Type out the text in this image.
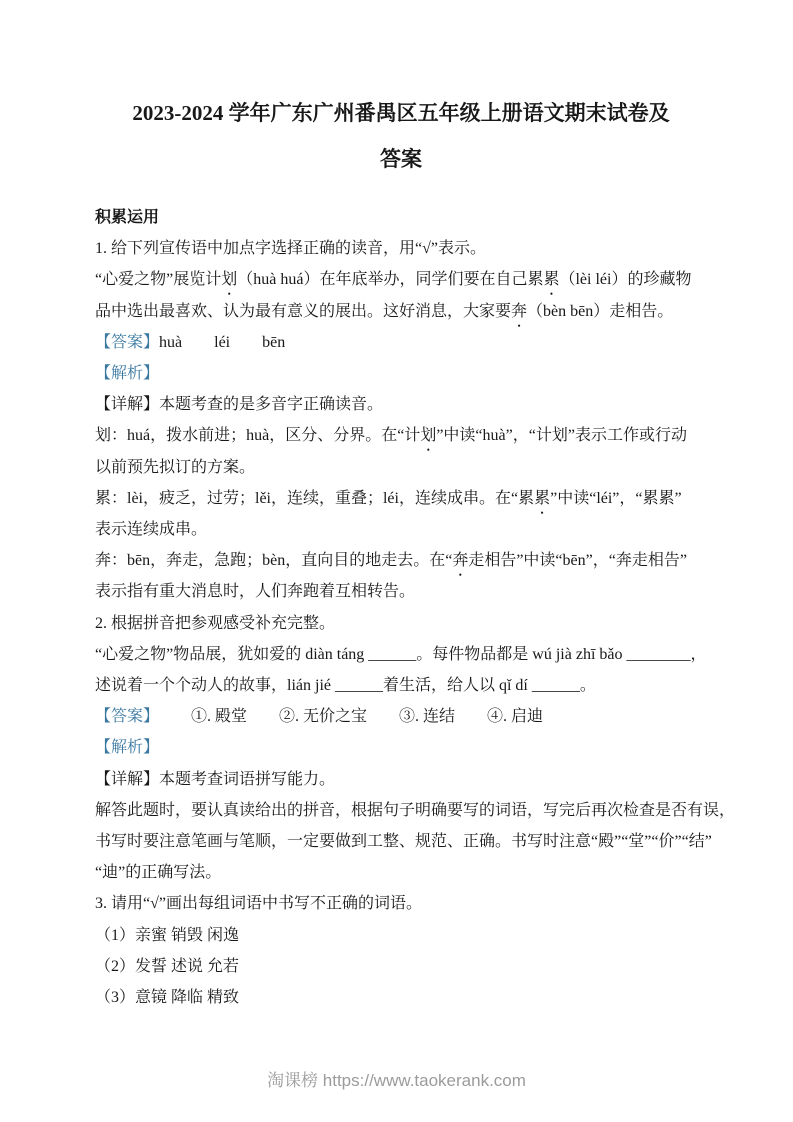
2023-2024 学年广东广州番禺区五年级上册语文期末试卷及
答案
积累运用
1. 给下列宣传语中加点字选择正确的读音，用“√”表示。
“心爱之物”展览计划（huà huá）在年底举办，同学们要在自己累累（lèi léi）的珍藏物
品中选出最喜欢、认为最有意义的展出。这好消息，大家要奔（bèn bēn）走相告。
【答案】huà　　léi　　bēn
【解析】
【详解】本题考查的是多音字正确读音。
划：huá，拨水前进；huà，区分、分界。在“计划”中读“huà”，“计划”表示工作或行动
以前预先拟订的方案。
累：lèi，疲乏，过劳；lěi，连续，重叠；léi，连续成串。在“累累”中读“léi”，“累累”
表示连续成串。
奔：bēn，奔走，急跑；bèn，直向目的地走去。在“奔走相告”中读“bēn”，“奔走相告”
表示指有重大消息时，人们奔跑着互相转告。
2. 根据拼音把参观感受补充完整。
“心爱之物”物品展，犹如爱的 diàn táng ______。每件物品都是 wú jià zhī bǎo ________，
述说着一个个动人的故事，lián jié ______着生活，给人以 qǐ dí ______。
【答案】 ①. 殿堂　　②. 无价之宝　　③. 连结　　④. 启迪
【解析】
【详解】本题考查词语拼写能力。
解答此题时，要认真读给出的拼音，根据句子明确要写的词语，写完后再次检查是否有误，
书写时要注意笔画与笔顺，一定要做到工整、规范、正确。书写时注意“殿”“堂”“价”“结”
“迪”的正确写法。
3. 请用“√”画出每组词语中书写不正确的词语。
（1）亲蜜 销毁 闲逸
（2）发誓 述说 允若
（3）意镜 降临 精致
淘课榜 https://www.taokerank.com
